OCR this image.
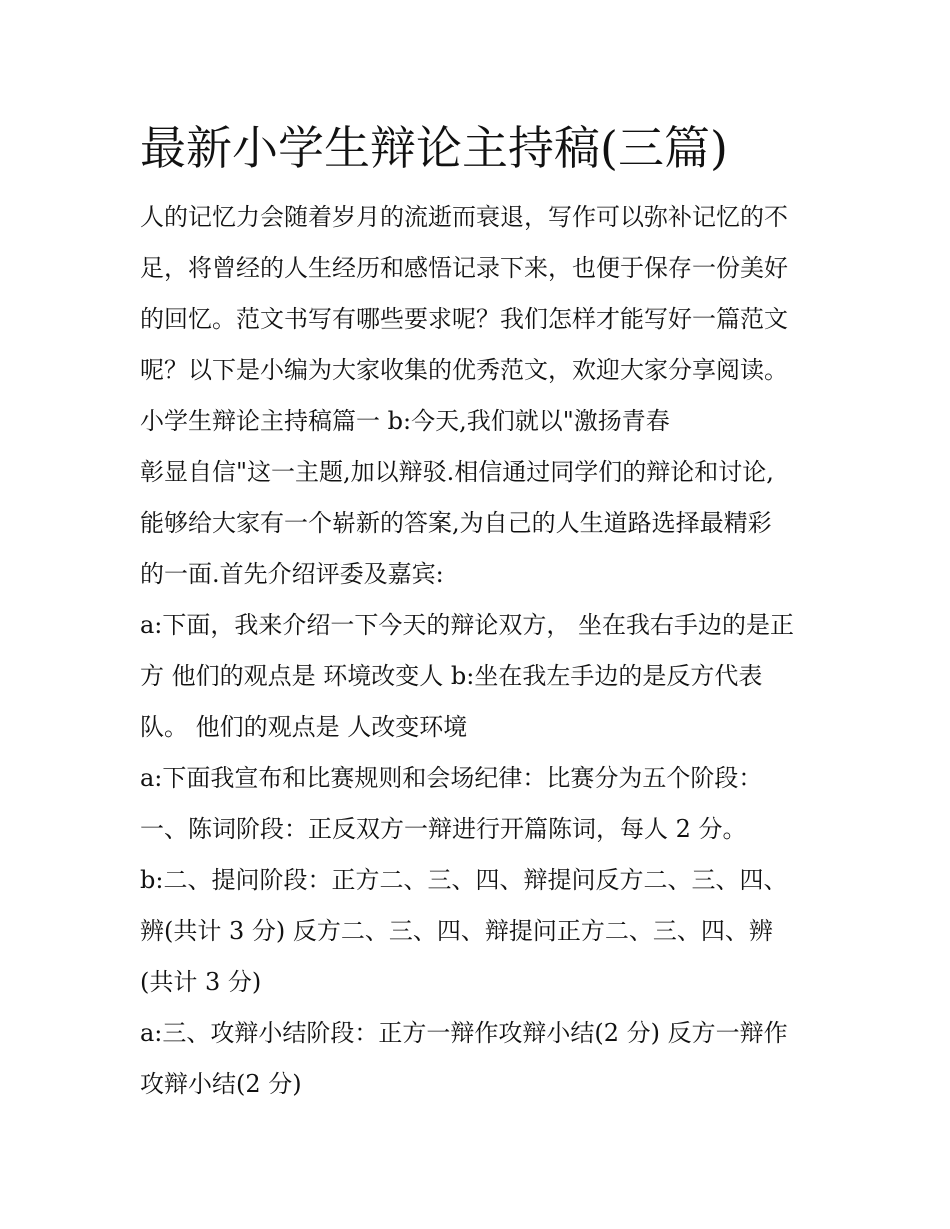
最新小学生辩论主持稿(三篇)

人的记忆力会随着岁月的流逝而衰退，写作可以弥补记忆的不

足，将曾经的人生经历和感悟记录下来，也便于保存一份美好

的回忆。范文书写有哪些要求呢？我们怎样才能写好一篇范文

呢？以下是小编为大家收集的优秀范文，欢迎大家分享阅读。

小学生辩论主持稿篇一 b:今天,我们就以"激扬青春

彰显自信"这一主题,加以辩驳.相信通过同学们的辩论和讨论,

能够给大家有一个崭新的答案,为自己的人生道路选择最精彩

的一面.首先介绍评委及嘉宾:

a:下面，我来介绍一下今天的辩论双方， 坐在我右手边的是正

方 他们的观点是 环境改变人 b:坐在我左手边的是反方代表

队。 他们的观点是 人改变环境

a:下面我宣布和比赛规则和会场纪律：比赛分为五个阶段：

一、陈词阶段：正反双方一辩进行开篇陈词，每人 2 分。

b:二、提问阶段：正方二、三、四、辩提问反方二、三、四、

辨(共计 3 分) 反方二、三、四、辩提问正方二、三、四、辨

(共计 3 分)

a:三、攻辩小结阶段：正方一辩作攻辩小结(2 分) 反方一辩作

攻辩小结(2 分)
